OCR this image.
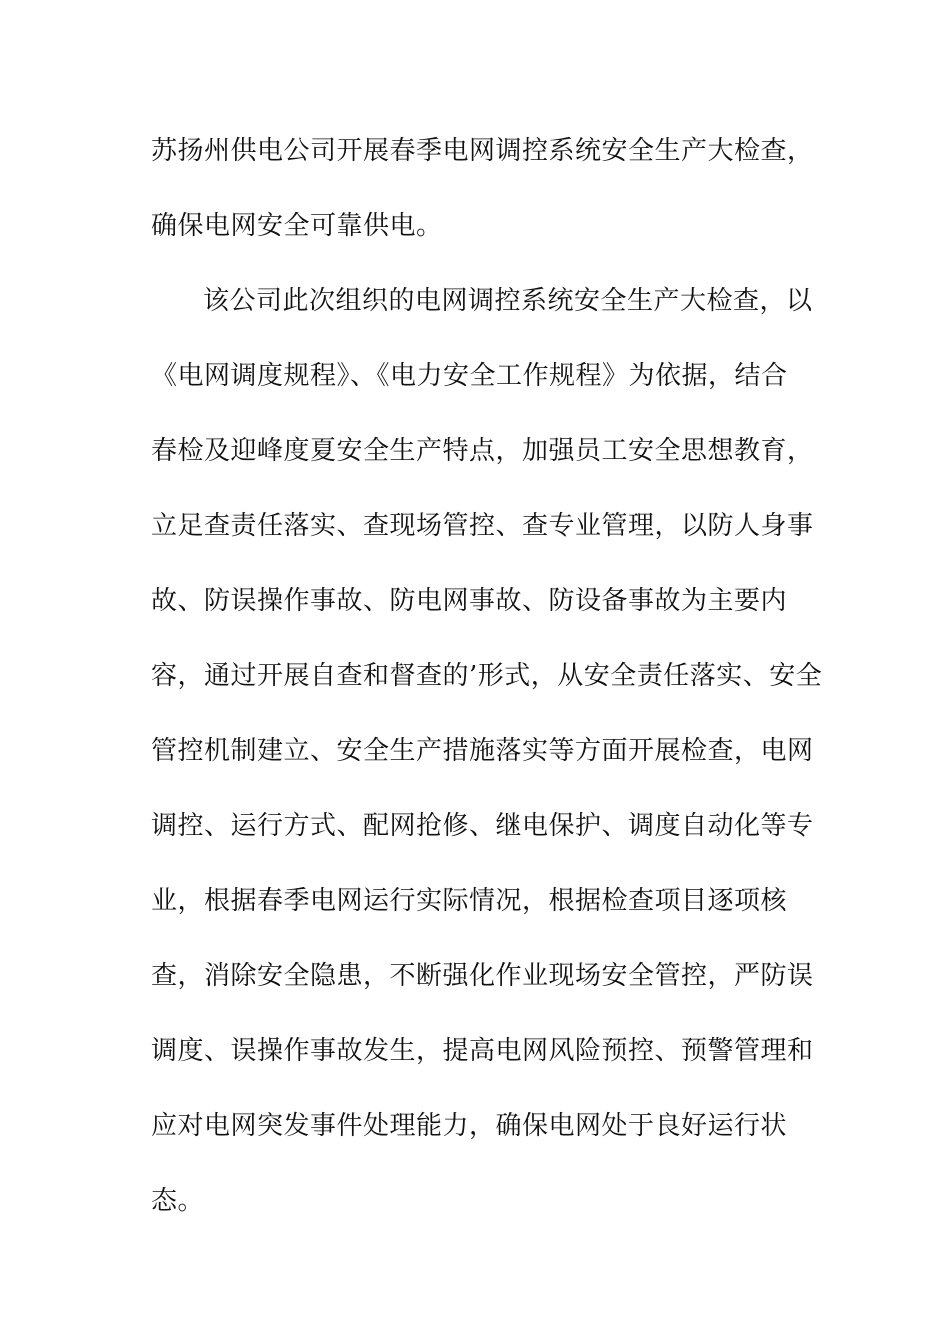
苏扬州供电公司开展春季电网调控系统安全生产大检查，

确保电网安全可靠供电。

该公司此次组织的电网调控系统安全生产大检查，以

《电网调度规程》、《电力安全工作规程》为依据，结合

春检及迎峰度夏安全生产特点，加强员工安全思想教育，

立足查责任落实、查现场管控、查专业管理，以防人身事

故、防误操作事故、防电网事故、防设备事故为主要内

容，通过开展自查和督查的’形式，从安全责任落实、安全

管控机制建立、安全生产措施落实等方面开展检查，电网

调控、运行方式、配网抢修、继电保护、调度自动化等专

业，根据春季电网运行实际情况，根据检查项目逐项核

查，消除安全隐患，不断强化作业现场安全管控，严防误

调度、误操作事故发生，提高电网风险预控、预警管理和

应对电网突发事件处理能力，确保电网处于良好运行状

态。
